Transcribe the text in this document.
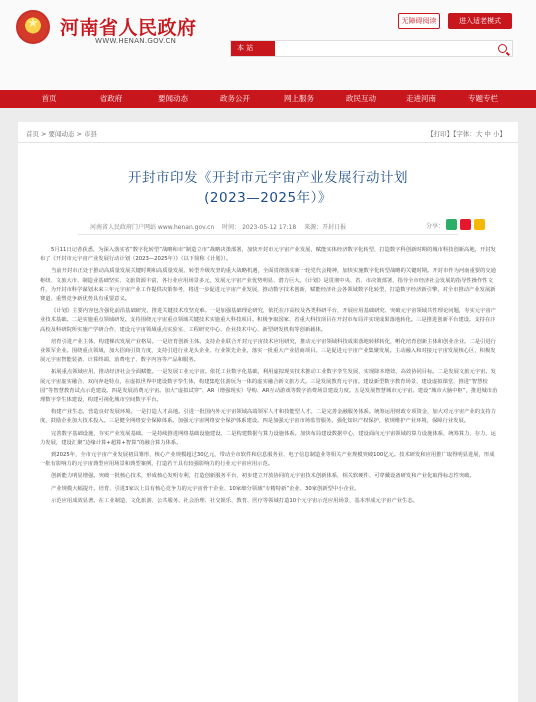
★
河南省人民政府
WWW.HENAN.GOV.CN
无障碍阅读	进入适老模式
本 站
首页	省政府	要闻动态	政务公开	网上服务	政民互动	走进河南	专题专栏
首页 > 要闻动态 > 市县	【打印】【字体：大 中 小】
开封市印发《开封市元宇宙产业发展行动计划
(2023—2025年）》
河南省人民政府门户网站 www.henan.gov.cn 时间： 2023-05-12 17:18 来源：开封日报	分享：

5月11日记者获悉，为深入落实省“数字化转型”战略和市“制造立市”战略决策部署，加快开封市元宇宙产业发展，赋能实体经济数字化转型，打造数字科创新时期的城市科技创新高地，开封发布了《开封市元宇宙产业发展行动计划（2023—2025年）》（以下简称《计划》）。

当前开封市正处于推动高质量发展关键时期和高质量发展、转型升级攻坚的重大战略机遇，全面贯彻落实新一轮党代会精神，加快实施数字化转型战略的关键时期。开封市作为河南重要的交通枢纽、文旅大市、制造业基础坚实、文旅资源丰富，各行业应用场景多元，发展元宇宙产业优势明显、潜力巨大。《计划》是贯彻中央、省、市决策部署，指导全市经济社会发展的指导性操作性文件，为开封市科学谋划未来三年元宇宙产业工作提供决策参考，将进一步促进元宇宙产业发展，推动数字技术创新，赋能经济社会各领域数字化转型，打造数字经济新引擎，对全市推动产业发展新赛道、重塑竞争新优势具有重要意义。

《计划》主要内容包含强化前沿基础研究，推进关键技术攻坚克难。一是加强基础理论研究，依托在汴高校及各类科研平台，开展应用基础研究、突破元宇宙领域共性理论问题，夯实元宇宙产业技术基础。二是实施重点领域研发。支持围绕元宇宙重点领域关键技术实施重大科技项目。积极争取国家、省重大科技项目在开封市布局并实现成果落地转化。三是推进创新平台建设。支持在汴高校及科研院所实施产学研合作，建设元宇宙领域重点实验室、工程研究中心、企业技术中心、新型研发机构等创新载体。

培育引进产业主体，构建梯次发展产业格局。一是培育创新主体。支持企业联合开封元宇宙技术应用研究，推动元宇宙领域科技成果落地转移转化，孵化培育创新主体和创业企业。二是引进行业领军企业。围绕重点领域，加大招商引资力度，支持引进行业龙头企业、行业领先企业，落实一批重大产业招商项目。三是促进元宇宙产业集聚发展。主动融入和对接元宇宙发展核心区，积极发展元宇宙智能装备、计算终端、消费电子、数字内容等产品和服务。

拓展重点领域应用，推动经济社会全面赋能。一是发展工业元宇宙。依托工业数字化基础，利用虚拟现实技术推动工业数字孪生发展，实现降本增效、高效协同目标。二是发展文旅元宇宙。发展元宇宙虚实融合、双向奔赴特点，在虚拟世界中建设数字孪生体，构建集吃住游玩为一体的虚实融合新文旅方式。三是发展教育元宇宙。建设新型数字教育场景，建设虚拟课堂、推进“智慧校园”等智慧教育试点示范建设。四是发展消费元宇宙。加大“虚拟试穿”、AR（增强现实）导购、AR互动游戏等数字消费场景建设力度。五是发展智慧城市元宇宙。建设“城市大脑中枢”，推进城市治理数字孪生体建设，构建可视化城市空间数字平台。

构建产业生态，营造良好发展环境。一是打造人才高地。引进一批国内外元宇宙领域高端领军人才和技能型人才。二是完善金融服务体系。统筹运用财政专项资金，加大对元宇宙产业的支持力度，鼓励企业加大技术投入。三是健全网络安全保障体系。加强元宇宙网络安全保护体系建设。四是加强元宇宙市场监管服务。强化知识产权保护，依规维护产业环境，保障行业发展。

完善数字基础设施，夯实产业发展基础。一是持续推进网络基础设施建设。二是构建数据与算力设施体系。加快布局建设数据中心，建设面向元宇宙领域的算力设施体系，统筹算力、存力、运力发展，建设汇聚“边缘计算+超算+智算”的融合算力体系。

到2025年，全市元宇宙产业发展初具雏形，核心产业规模超过30亿元，带动全市软件和信息服务业、电子信息制造业等相关产业规模突破100亿元。技术研发和应用推广取得明显进展，形成一批有影响力的元宇宙典型应用场景和典型案例，打造若干具有较强影响力的行业元宇宙应用示范。

创新能力明显增强。突破一批核心技术，形成核心发明专利，打造创新服务平台，初步建立开放协同的元宇宙技术创新体系，相关软硬件、可穿戴设备研发和产业化取得标志性突破。

产业规模大幅提升。培育、引进3家以上具有核心竞争力的元宇宙骨干企业、10家细分领域“专精特新”企业、30家创新型中小企业。

示范应用成效显著。在工业制造、文化旅游、公共服务、社会治理、社交娱乐、教育、医疗等领域打造10个元宇宙示范应用场景，基本形成元宇宙产业生态。
